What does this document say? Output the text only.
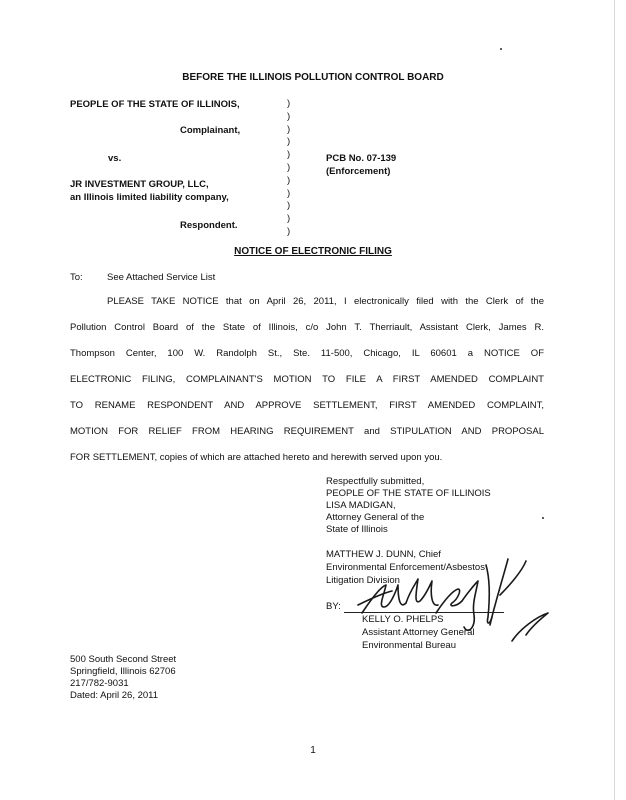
BEFORE THE ILLINOIS POLLUTION CONTROL BOARD
PEOPLE OF THE STATE OF ILLINOIS,
Complainant,
vs.
JR INVESTMENT GROUP, LLC,
an Illinois limited liability company,
Respondent.
)
)
)
)
)
)
)
)
)
)
)
PCB No. 07-139
(Enforcement)
NOTICE OF ELECTRONIC FILING
To:	See Attached Service List
PLEASE TAKE NOTICE that on April 26, 2011, I electronically filed with the Clerk of the
Pollution Control Board of the State of Illinois, c/o John T. Therriault, Assistant Clerk, James R.
Thompson Center, 100 W. Randolph St., Ste. 11-500, Chicago, IL 60601 a NOTICE OF
ELECTRONIC FILING, COMPLAINANT'S MOTION TO FILE A FIRST AMENDED COMPLAINT
TO RENAME RESPONDENT AND APPROVE SETTLEMENT, FIRST AMENDED COMPLAINT,
MOTION FOR RELIEF FROM HEARING REQUIREMENT and STIPULATION AND PROPOSAL
FOR SETTLEMENT, copies of which are attached hereto and herewith served upon you.
Respectfully submitted,
PEOPLE OF THE STATE OF ILLINOIS
LISA MADIGAN,
Attorney General of the
State of Illinois
MATTHEW J. DUNN, Chief
Environmental Enforcement/Asbestos
Litigation Division
BY:
KELLY O. PHELPS
Assistant Attorney General
Environmental Bureau
500 South Second Street
Springfield, Illinois 62706
217/782-9031
Dated: April 26, 2011
1
